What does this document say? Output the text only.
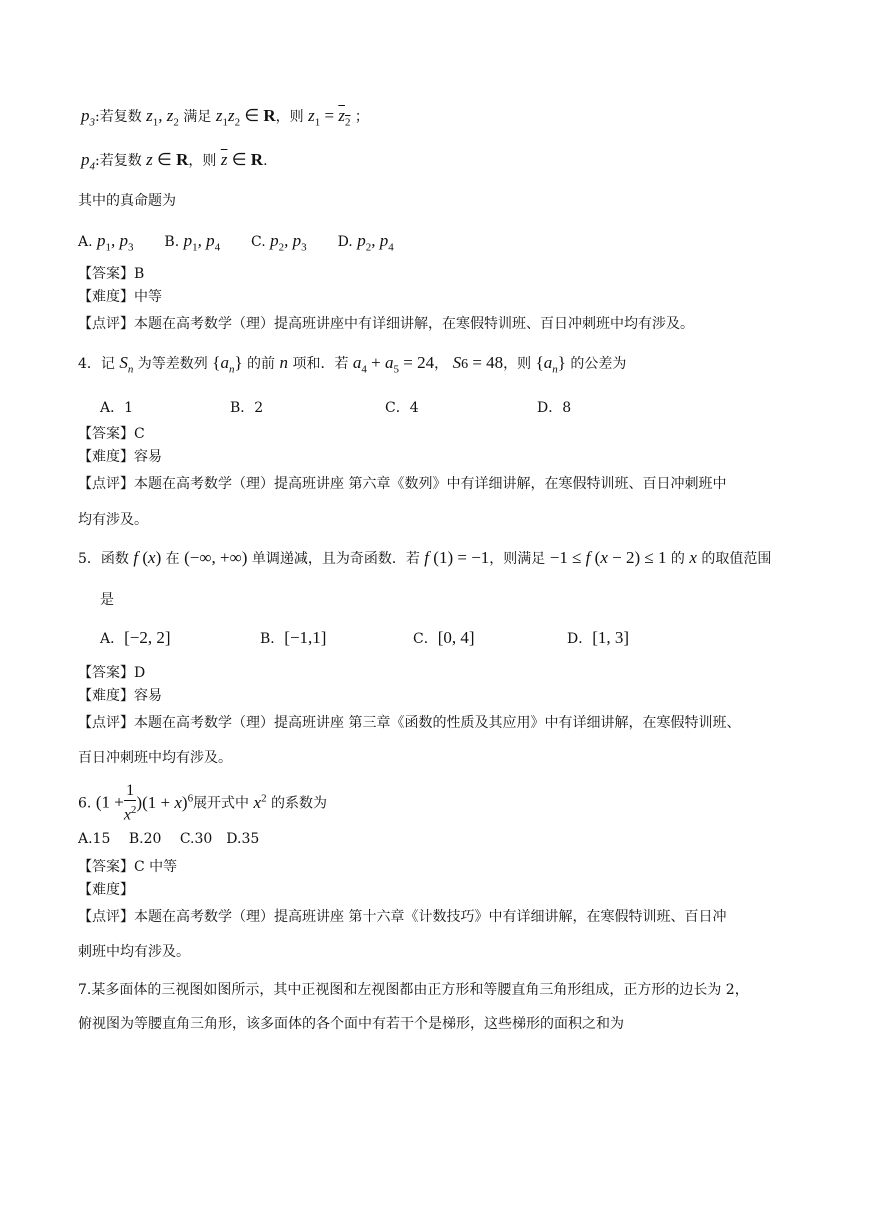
$p_3$:若复数 $z_1$, $z_2$ 满足 $z_1z_2$ ∈ R，则 $z_1 = z_2$ ；
$p_4$:若复数 z ∈ R，则 $\overline{z}$ ∈ R.
其中的真命题为
A. $p_1$, $p_3$ B. $p_1$, $p_4$ C. $p_2$, $p_3$ D. $p_2$, $p_4$
【答案】B
【难度】中等
【点评】本题在高考数学（理）提高班讲座中有详细讲解，在寒假特训班、百日冲刺班中均有涉及。
4．记 $S_n$ 为等差数列 $\{a_n\}$ 的前 n 项和．若 $a_4 + a_5 = 24$， S6 = 48，则 $\{a_n\}$ 的公差为
A．1	B．2	C．4	D．8
【答案】C
【难度】容易
【点评】本题在高考数学（理）提高班讲座 第六章《数列》中有详细讲解，在寒假特训班、百日冲刺班中
均有涉及。
5．函数 f (x) 在 (−∞, +∞) 单调递减，且为奇函数．若 f (1) = −1，则满足 −1 ≤ f (x − 2) ≤ 1 的 x 的取值范围
是
A．[−2, 2]	B．[−1,1]	C．[0, 4]	D．[1, 3]
【答案】D
【难度】容易
【点评】本题在高考数学（理）提高班讲座 第三章《函数的性质及其应用》中有详细讲解，在寒假特训班、
百日冲刺班中均有涉及。
6. $(1 + \frac{1}{x^2} )(1 + x)^6$展开式中 $x^2$ 的系数为
A.15　 B.20　 C.30　D.35
【答案】C 中等
【难度】
【点评】本题在高考数学（理）提高班讲座 第十六章《计数技巧》中有详细讲解，在寒假特训班、百日冲
刺班中均有涉及。
7.某多面体的三视图如图所示，其中正视图和左视图都由正方形和等腰直角三角形组成，正方形的边长为 2，
俯视图为等腰直角三角形，该多面体的各个面中有若干个是梯形，这些梯形的面积之和为
